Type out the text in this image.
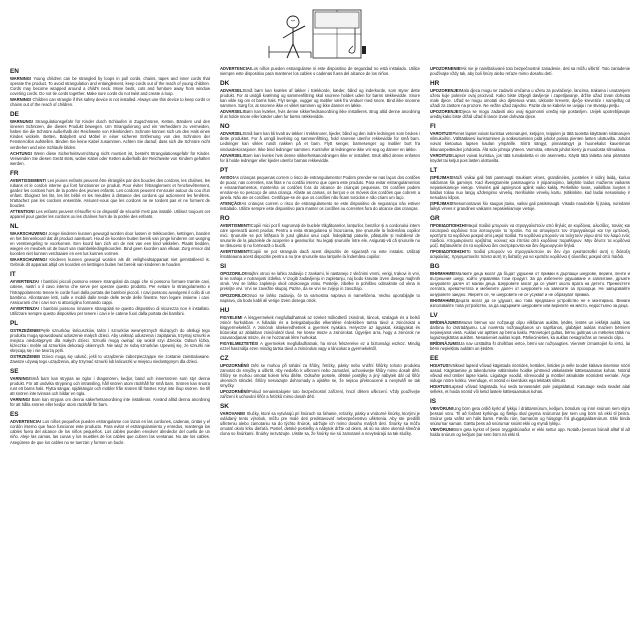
EN
WARNING! Young children can be strangled by loops in pull cords, chains, tapes and inner cords that operate the product. To avoid strangulation and entanglement, keep cords out of the reach of young children. Cords may become wrapped around a child's neck. Move beds, cots and furniture away from window covering cords. Do not tie cords together. Make sure cords do not twist and create a loop.
WARNING! Children can strangle if this safety device is not installed. Always use this device to keep cords or chains out of the reach of children.
DE
WARNUNG! Strangulationsgefahr für Kinder durch Schlaufen in Zugschnüren, Ketten, Bändern und den inneren Schnüren, die dieses Produkt bewegen. Um Strangulierung und ein Verheddern zu vermeiden, halten Sie die Schnüre außerhalb der Reichweite von Kleinkindern. Schnüre können sich um den Hals eines Kindes wickeln. Betten, Babybett und Möbel in einer sicheren Entfernung von den Schnüren der Fensterrollos aufstellen. Binden Sie keine Kabel zusammen. Achten Sie darauf, dass sich die Schnüre nicht verdrehen und eine Schlaufe bilden.
ACHTUNG! Wenn diese Sicherheitsvorrichtung nicht montiert ist, besteht Strangulationsgefahr für Kinder. Verwenden Sie diesen Gerät stets, wobei Kabel oder Ketten außerhalb der Reichweite von Kindern gehalten werden.
FR
AVERTISSEMENT! Les jeunes enfants peuvent être étranglés par des boucles des cordons, les chaînes, les rubans et le cordon interne qui font fonctionner ce produit. Pour éviter l'étranglement et l'enchevêtrement, gardez les cordons hors de la portée des jeunes enfants. Les cordons peuvent s'enrouler autour du cou d'un enfant. Éloignez les lits, les lits bébé et les meubles à distance des cordons qui actionnent les fenêtres. N'attachez pas les cordons ensemble. Assurez-vous que les cordons ne se tordent pas et ne forment de boucles.
ATTENTION! Les enfants peuvent s'étouffer si ce dispositif de sécurité n'est pas installé. Utilisez toujours cet appareil pour garder les cordons ou les chaînes hors de la portée des enfants.
NL
WAARSCHUWING! Jonge kinderen kunnen gewurgd worden door lussen in trekkoorden, kettingen, banden en het binnenkoord dat dit product aanstuurt. Houd de koorden buiten bereik van jonge kinderen om wurging en verstrengeling te voorkomen. Een koord kan zich om de nek van een kind wikkelen. Plaats bedden, wiegen en meubels uit de buurt van raambekledingskoorden. Bind geen koorden aan elkaar. Zorg ervoor dat koorden niet kunnen verdraaien en een lus kunnen vormen.
WAARSCHUWING! Kinderen kunnen gewurgd worden als dit veiligheidsapparaat niet geïnstalleerd is. Gebruik dit apparaat altijd om koorden en kettingen buiten het bereik van kinderen te houden.
IT
AVVERTENZA! I bambini piccoli possono essere strangolati da cappi che si possono formare tramite cavi, catene, nastri o il cavo interno che serve per operare questo prodotto. Per evitare lo strangolamento e l'intrappolamento tenere le corde fuori dalla portata dei bambini piccoli. I cavi possono avvolgersi il collo di un bambino. Allontanare letti, culle e mobili dalle tende delle tende delle finestre. Non legare insieme i cavi. Assicurarsi che i cavi non si attorciglino formando cappi.
AVVERTENZA! I bambini possono rimanere strangolati se questo dispositivo di sicurezza non è installato. Utilizzare sempre questo dispositivo per tenere i cavi e le catene fuori dalla portata dei bambini.
PL
OSTRZEŻENIE!Pętle sznurków, łańcuszków, taśm i sznurków wewnętrznych służących do obsługi tego produktu mogą spowodować uduszenie małych dzieci. Aby uniknąć uduszenia i zaplątania, trzymaj sznurki w miejscu niedostępnym dla małych dzieci. Sznurki mogą owinąć się wokół szyi dziecka. Odsuń łóżka, łóżeczka i meble od sznurków dekoracji okiennych. Nie wiąż ze sobą sznurków. Upewnij się, że sznurki nie skręcają się i nie tworzą pętli.
OSTRZEŻENIE! Dzieci mogą się udusić, jeśli to urządzenie zabezpieczające nie zostanie zainstalowane. Zawsze używaj tego urządzenia, aby trzymać sznurki lub łańcuszki w miejscu niedostępnym dla dzieci.
SE
VARNING!Små barn kan strypas av öglor i dragsnören, kedjor, band och innersnören som styr denna produkt. För att undvika strypning och intrassling, håll snören utom räckhåll för små barn. Snören kan snurra runt ett barns hals. Flytta sängar, spjälsängar och möbler från snören till fönster. Knyt inte ihop snören. Se till att snören inte tvinnas och bildar en ögla.
VARNING! Barn kan strypas om denna säkerhetsanordning inte installeras. Använd alltid denna anordning för att hålla snören eller kedjor utom räckhåll för barn.
ES
ADVERTENCIA! Los niños pequeños pueden estrangularse con lazos en las cordones, cadenas, cintas y el cordón interno que hace funcionar este producto. Para evitar el estrangulamiento y enredos, mantenga los cables fuera del alcance de los niños pequeños. Los cables pueden envolver alrededor del cuello de un niño. Aleje las camas, las cunas y los muebles de los cables que cubren las ventanas. No ate los cables. Asegúrese de que los cables no se tuerzan y formen un bucle.
ADVERTENCIA!Los niños pueden estrangularse si este dispositivo de seguridad no está instalado. Utilice siempre este dispositivo para mantener los cables o cadenas fuera del alcance de los niños.
DK
ADVARSEL!Små børn kan kvæles af løkker i trækkorde, kæder, bånd og inderkorde, som styrer dette produkt. For at undgå kvælning og sammenfiltring skal snorene holdes uden for børns rækkevidde. Snore kan vikle sig om et barns hals. Flyt senge, vugger og møbler væk fra vinduer med snore. Bind ikke snorene sammen. Sørg for, at snorene ikke er viklet sammen og ikke danner en løkke.
ADVARSEL!Børn kan kvæles, hvis denne sikkerhedsanordning ikke installeres. Brug altid denne anordning til at holde snore eller kæder uden for børns rækkevidde.
NO
ADVARSEL!Små barn kan bli kvalt av løkker i trekksnorer, kjeder, bånd og den indre ledningen som brukes i dette produktet. For å unngå kvelning og sammenfiltring, hold snorene utenfor rekkevidde for små barn. Ledninger kan vikles rundt nakken på et barn. Flytt senger, barnesenger og møbler bort fra vindusdekorasjoner. Ikke bind ledninger sammen. Kontroller at ledningene ikke vrir seg og danner en løkke.
ADVARSEL!Barn kan kveles hvis denne sikkerhetsanordningen ikke er installert. Bruk alltid denne enheten for å holde ledninger eller kjeder utenfor barnas rekkevidde.
PT
AVISO!As crianças pequenas correm o risco de estrangulamento! Podem prender-se nas laços dos cordões de puxar, nas correntes, nas fitas e no cordão interno que opera este produto. Para evitar estrangulamentos e emaranhamentos, mantenha os cordões fora do alcance de crianças pequenas. Os cordões podem enrolar-se no pescoço de uma criança. Afaste as camas, os berços e os móveis dos cordões que cobrem a janela. Não ate os cordões. Certifique-se de que os cordões não ficam torcidos e não criam um laço.
ATENÇÃO!As crianças correm o risco de estrangulamento se este dispositivo de segurança não estiver instalado. Utilize sempre este dispositivo para manter os cordões ou correntes fora do alcance das crianças.
RO
AVERTISMENT!Copiii mici pot fi sugrumați de buclele trăgătoarelor, lanțurilor, benzilor și a cordonului intern care operează acest produs. Pentru a evita strangularea și încurcarea, ține șnururile la îndemâna copiilor mici. Șnururile se pot înfășura în jurul gâtului unui copil. Îndepărtați paturile, pătuțurile și mobilierul de snururile de la jaluzelele de acoperire a geamurilor. Nu legați șnururile între ele. Asigurați-vă că șnururile nu se răsucesc și nu formează o buclă.
AVERTISMENT!Copiii se pot strangula dacă acest dispozitiv de siguranță nu este instalat. Utilizați întotdeauna acest dispozitiv pentru a nu ține șnururile sau lanțurile la îndemâna copiilor.
SI
OPOZORILO!Majhni otroci se lahko zadavijo z zankami, ki nastanejo z vlečnimi vrvmi, verigi, trakovi in vrvi, ki se nahaja v notranjosti izdelka. V izogib zadavljenju in zapletanju, naj bodo kravate izven dosega majhnih otrok. Vrvi se lahko zapletejo okoli otrokovega vratu. Postelje, zibelke in pohištvo odmaknite od okna in prekrijte vrvi. Vrvi ne zavežite skupaj. Pazite, da se vrvi ne zvijejo in zavozlajo.
OPOZORILO!Otroci se lahko zadavijo, če ta varnostna naprava ni nameščena. Vedno uporabljajte to napravo, da bodo kabli ali verige izven dosega otrok.
HU
FIGYELEM! A kisgyermekek megfulladhatnak az ezeket működtető zsinórok, láncok, szalagok és a belső zsinór hurkokban. A fulladás és a belegabalyodás elkerülése érdekében tartsa távol a zsinórokat a kisgyermekektől. A zsinórok rátekeredhetnek a gyermek nyakára. Helyezze az ágyakat, kiságyakat és bútorokat az ablakban zsinóroktól távol. Ne kösse össze a zsinórokat. Ügyeljen arra, hogy a zsinórok ne csavarodjanak össze, és ne hozzanak létre hurkokat.
FIGYELMEZTETÉS! A gyermekek megfulladhatnak, ha nincs felszerelve ez a biztonsági eszköz. Mindig ezzel használja ezen mindig tartsa távol a zsinórokat vagy a láncokat a gyermekektől.
CZ
UPOZORNĚNÍ! Děti se mohou při tahání za šňůry, řetízky, pásky nebo vnitřní šňůrky tohoto produktu zamotat do smyčky a uškrtit. Aby nedošlo k uškrcení nebo zamotání, uchovávejte šňůry mimo dosah dětí. Šňůry se mohou omotat kolem krku dítěte. Odsuňte postele, dětské postýlky a jiný nábytek dál od šňůr okenních stínidel. Šňůry nesvazujte dohromady a ujistěte se, že nejsou překroucené a nevytváří se tak smyčky.
UPOZORNĚNÍ!Pokud nenainstalujete toto bezpečnostní zařízení, hrozí dětem uškrcení. Vždy používejte zařízení k uchování šňůr a řetízků mimo dosah dětí.
SK
VAROVANIE! Slučky, ktoré sa vytvárajú pri šnúrach na ťahanie, reťazky, pásky a vnútorné šnúrky, ktorými je ovládaný tento výrobok, môžu pre malé deti predstavovať nebezpečenstvo uškrtenia. Aby ste predišli uškrteniu alebo zamotaniu sa do týchto šnúrok, udržujte ich mimo dosahu malých detí. Šnúrky sa môžu omotať okolo krku dieťaťa. Posteľ, detské postieľky a nábytok držte od okien, ak sú na okne okenná slnečná clona so šnúrkami. Šnúrky nezväzujte. Uistite sa, že šnúrky nie sú zamotané a nevytvárajú sa tak slučky.
UPOZORNENIE!Ak nie je nainštalované toto bezpečnostné zariadenie, deti sa môžu uškrtiť. Toto zariadenie používajte vždy tak, aby boli šnúry alebo reťaze mimo dosahu detí.
HR
UPOZORENJE!Mala djeca mogu se zadaviti omčama u užetu za povlačenje, lancima, trakama i unutarnjem užetu koje pokreće ovaj proizvod. Kako biste izbjegli davljenje i zapetljavanje, držite užad izvan dohvata male djece. Užad se mogu omotati oko djetetova vrata. Uklonite krevete, dječje krevetiće i namještaj od užadi za zastore na prozore. Ne vežite užad zajedno. Pazite da se kabelvi ne uvijaju i ne stvaraju petlju.
UPOZORENJE!Djeca se mogu zadaviti ako ovaj sigurnosni uređaj nije postavljen. Uvijek upotrebljavajte uređaj kako biste držali užad ili lance izvan dohvata djece.
FI
VAROITUS!Pienet lapset voivat kuristua vetonarujen, ketjujen, teippien ja tätä tuotetta käyttävän sisänarujen silmukoihin. Välttääksesi kuristumisen ja sotkeutumisen pidä johdot poissa pienten lasten ulottuvilta. Johdot voivat kietoutua lapsen kaulan ympärille. Siirrä sängyt, pinnasängyt ja huonekalut kauemmas ikkunanpeitteiden johdoista. Älä sido johtoja yhteen. Varmista, etteivät johdot kierry ja muodosta silmukkaa.
VAROITUS!Lapset voivat kuristua, jos tätä turvalaitetta ei ole asennettu. Käytä tätä laitetta aina pitämään köydet tai ketjut pois lasten ulottuvilta.
LT
ĮSPĖJIMAS!Maži vaikai gali būti pasmaugti traukiant virves, grandinėles, juosteles ir vidinį laidą, kuriuo valdomas šis gaminys. Kad išvengtumėte pasmaugimo ir įsipainiojimo, laikykite laidus mažiems vaikams nepasiekiamoje vietoje. Virvelės gali apsivynioti aplink vaiko kaklą. Perkelkite lovas, vaikiškas lovytes ir baldus toliau nuo langų uždengimo virvelių. Nerišiokite virvelių kartu. Įsitikinkite, kad laidai nesusisukę ir nesudaro kilpos.
ĮSPĖJIMAS!Nesumontavus šio saugos įtaiso, vaikai gali pasismaugti. Visada naudokite šį įtaisą, norėdami laikyti virves ir grandines vaikams nepasiekiamoje vietoje.
GR
ΠΡΟΕΙΔΟΠΟΙΗΣΗ!Μικρά παιδιά μπορούν να στραγγαλιστούν από θηλιές σε κορδόνια, αλυσίδες, ταινίες και εσωτερικά κορδόνια που λειτουργούν το προϊόν. Για να αποφύγετε τον στραγγαλισμό και την εμπλοκή, κρατήστε τα κορδόνια μακριά από μικρά παιδιά. Τα κορδόνια μπορούν να τυλιχτούν γύρω από τον λαιμό ενός παιδιού. Απομακρύνετε κρεβάτια, κούνιες και έπιπλα από κορδόνια παραθύρων. Μην δένετε τα κορδόνια μαζί. Βεβαιωθείτε ότι τα κορδόνια δεν συστρέφονται και δεν δημιουργούν θηλιά.
ΠΡΟΕΙΔΟΠΟΙΗΣΗ!Τα παιδιά μπορούν να στραγγαλιστούν αν δεν έχει εγκατασταθεί αυτή η διάταξη ασφαλείας. Χρησιμοποιείτε πάντα αυτή τη διάταξη για να κρατάτε κορδόνια ή αλυσίδες μακριά από παιδιά.
BG
ВНИМАНИЕ!Малките деца могат да бъдат удушени от примки в дърпащи шнурове, вериги, ленти и вътрешния шнур, който управлява този продукт. За да избегнете удушаване и заплитане, дръжте шнуровете далеч от малки деца. Шнуровете могат да се увият около врата на детето. Преместете леглата, креватчетата и мебелите далеч от шнуровете на завесите за прозорци. Не завързвайте шнуровете заедно. Уверете се, че шнуровете не се усукват и не образуват примка.
ВНИМАНИЕ!Децата могат да се удушат, ако това предпазно устройство не е монтирано. Винаги използвайте това устройство, за да задържите шнуровете или веригите на място, недостъпно за деца.
LV
BRĪDINĀJUMS!Mazus bērnus var nožņaugt cilpu vilkšanas auklās, ķēdēs, lentēs un iekšējā auklā, kas darbina šo izstrādājumu. Lai novērstu nožņaugšanos un sapīšanos, glabājiet auklas maziem bērniem nepieejamā vietā. Auklas var aptīties ap bērna kaklu. Pārvietojiet gultas, bērnu gultiņas un mēbeles tālāk no logaizsegkārtas auklām. Nesasieniet auklas kopā. Pārliecinieties, ka auklas nesagriežas un neveido cilpu.
BRĪDINĀJUMS!Ja nav uzstādīta šī drošības ierīce, bērni var nožņaugties. Vienmēr izmantojiet šo ierīci, lai bērni nepiekļūtu auklām un ķēdēm.
EE
HOIATUS!Väiksed lapsed võivad kägistada nöörides, kettides, lintides ja selle toodet käitava sisemise nööri aasad. Kägistamise ja takerdumise vältimiseks hoidke juhtmeid väikelastele kättesaamatus kohas. Nöörid võivad end ümber lapse kaela. Liigutage voodid, võrevoodid ja mööbel aknakatte nööridest eemale. Ärge siduge nööre kokku. Veenduge, et nöörid ei keerduks ega tekitaks silmust.
HOIATUS!Lapsed võivad kägistada, kui seda turvaseadet pole paigaldatud. Kasutage seda seadet alati selleks, et hoida nöörid või ketid lastele kättesaamatus kohas.
IS
VIÐVÖRUN!Ung börn geta orðið kyrkt af lykkju í dráttarsnúrum, keðjum, böndum og innri snúrum sem stýra þessari vöru. Til að forðast kyrkingu og flækju skal geyma snúrurnar þar sem ung börn ná ekki til þeirra. Snúrur geta vafist um háls barns. Færðu rúm, barnarúm og húsgögn frá gluggatjaldasnúrum. Ekki binda snúrurnar saman. Gættu þess að snúrurnar snúist ekki og myndi lykkju.
VIÐVÖRUN!Börn geta kyrkst ef þessi öryggisbúnaður er ekki settur upp. Notaðu þennan búnað alltaf til að halda snúrum og keðjum þar sem börn ná ekki til.
